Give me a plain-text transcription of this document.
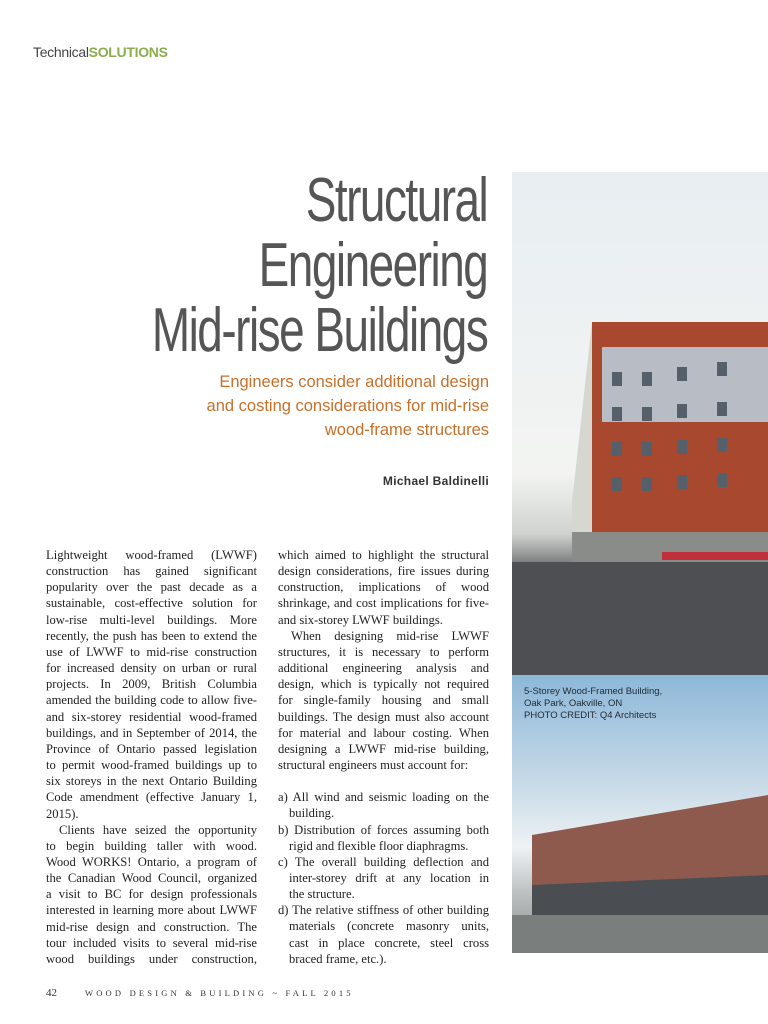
TechnicalSOLUTIONS
Structural
Engineering
Mid-rise Buildings
Engineers consider additional design
and costing considerations for mid-rise
wood-frame structures
Michael Baldinelli
Lightweight wood-framed (LWWF)
construction has gained significant
popularity over the past decade as a
sustainable, cost-effective solution for
low-rise multi-level buildings. More
recently, the push has been to extend the
use of LWWF to mid-rise construction
for increased density on urban or rural
projects. In 2009, British Columbia
amended the building code to allow five-
and six-storey residential wood-framed
buildings, and in September of 2014, the
Province of Ontario passed legislation
to permit wood-framed buildings up to
six storeys in the next Ontario Building
Code amendment (effective January 1,
2015).
Clients have seized the opportunity
to begin building taller with wood.
Wood WORKS! Ontario, a program of
the Canadian Wood Council, organized
a visit to BC for design professionals
interested in learning more about LWWF
mid-rise design and construction. The
tour included visits to several mid-rise
wood buildings under construction,
which aimed to highlight the structural
design considerations, fire issues during
construction, implications of wood
shrinkage, and cost implications for five-
and six-storey LWWF buildings.
When designing mid-rise LWWF
structures, it is necessary to perform
additional engineering analysis and
design, which is typically not required
for single-family housing and small
buildings. The design must also account
for material and labour costing. When
designing a LWWF mid-rise building,
structural engineers must account for:
a) All wind and seismic loading on the
building.
b) Distribution of forces assuming both
rigid and flexible floor diaphragms.
c) The overall building deflection and
inter-storey drift at any location in
the structure.
d) The relative stiffness of other building
materials (concrete masonry units,
cast in place concrete, steel cross
braced frame, etc.).
5-Storey Wood-Framed Building,
Oak Park, Oakville, ON
PHOTO CREDIT: Q4 Architects
42	WOOD DESIGN & BUILDING ~ FALL 2015
